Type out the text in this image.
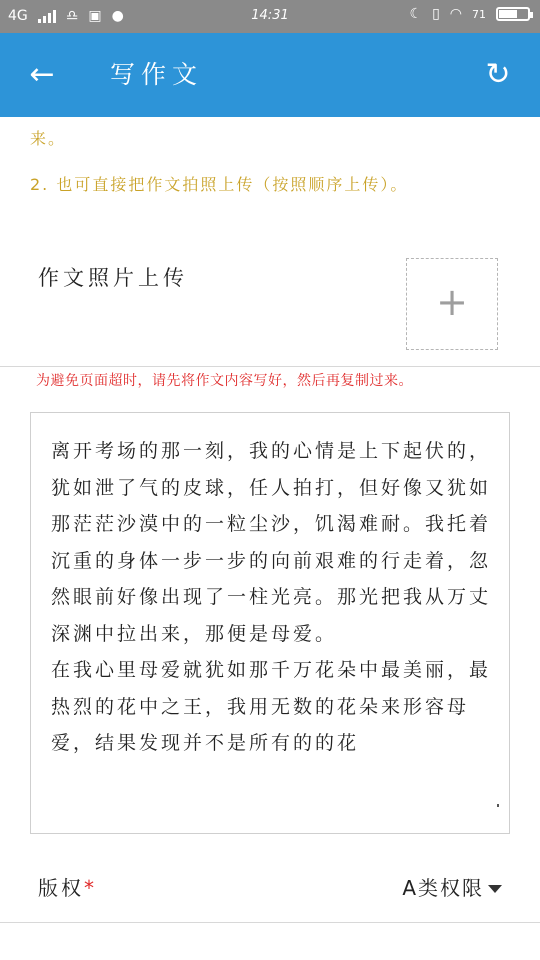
4G	♎ ▣ ●	14:31	☾ ▯ ◠ 71
← 写作文	↻
来。
2. 也可直接把作文拍照上传（按照顺序上传）。
作文照片上传
+
为避免页面超时，请先将作文内容写好，然后再复制过来。
离开考场的那一刻，我的心情是上下起伏的，犹如泄了气的皮球，任人拍打，但好像又犹如那茫茫沙漠中的一粒尘沙，饥渴难耐。我托着沉重的身体一步一步的向前艰难的行走着，忽然眼前好像出现了一柱光亮。那光把我从万丈深渊中拉出来，那便是母爱。
在我心里母爱就犹如那千万花朵中最美丽，最热烈的花中之王，我用无数的花朵来形容母爱，结果发现并不是所有的的花
版权*	A类权限
